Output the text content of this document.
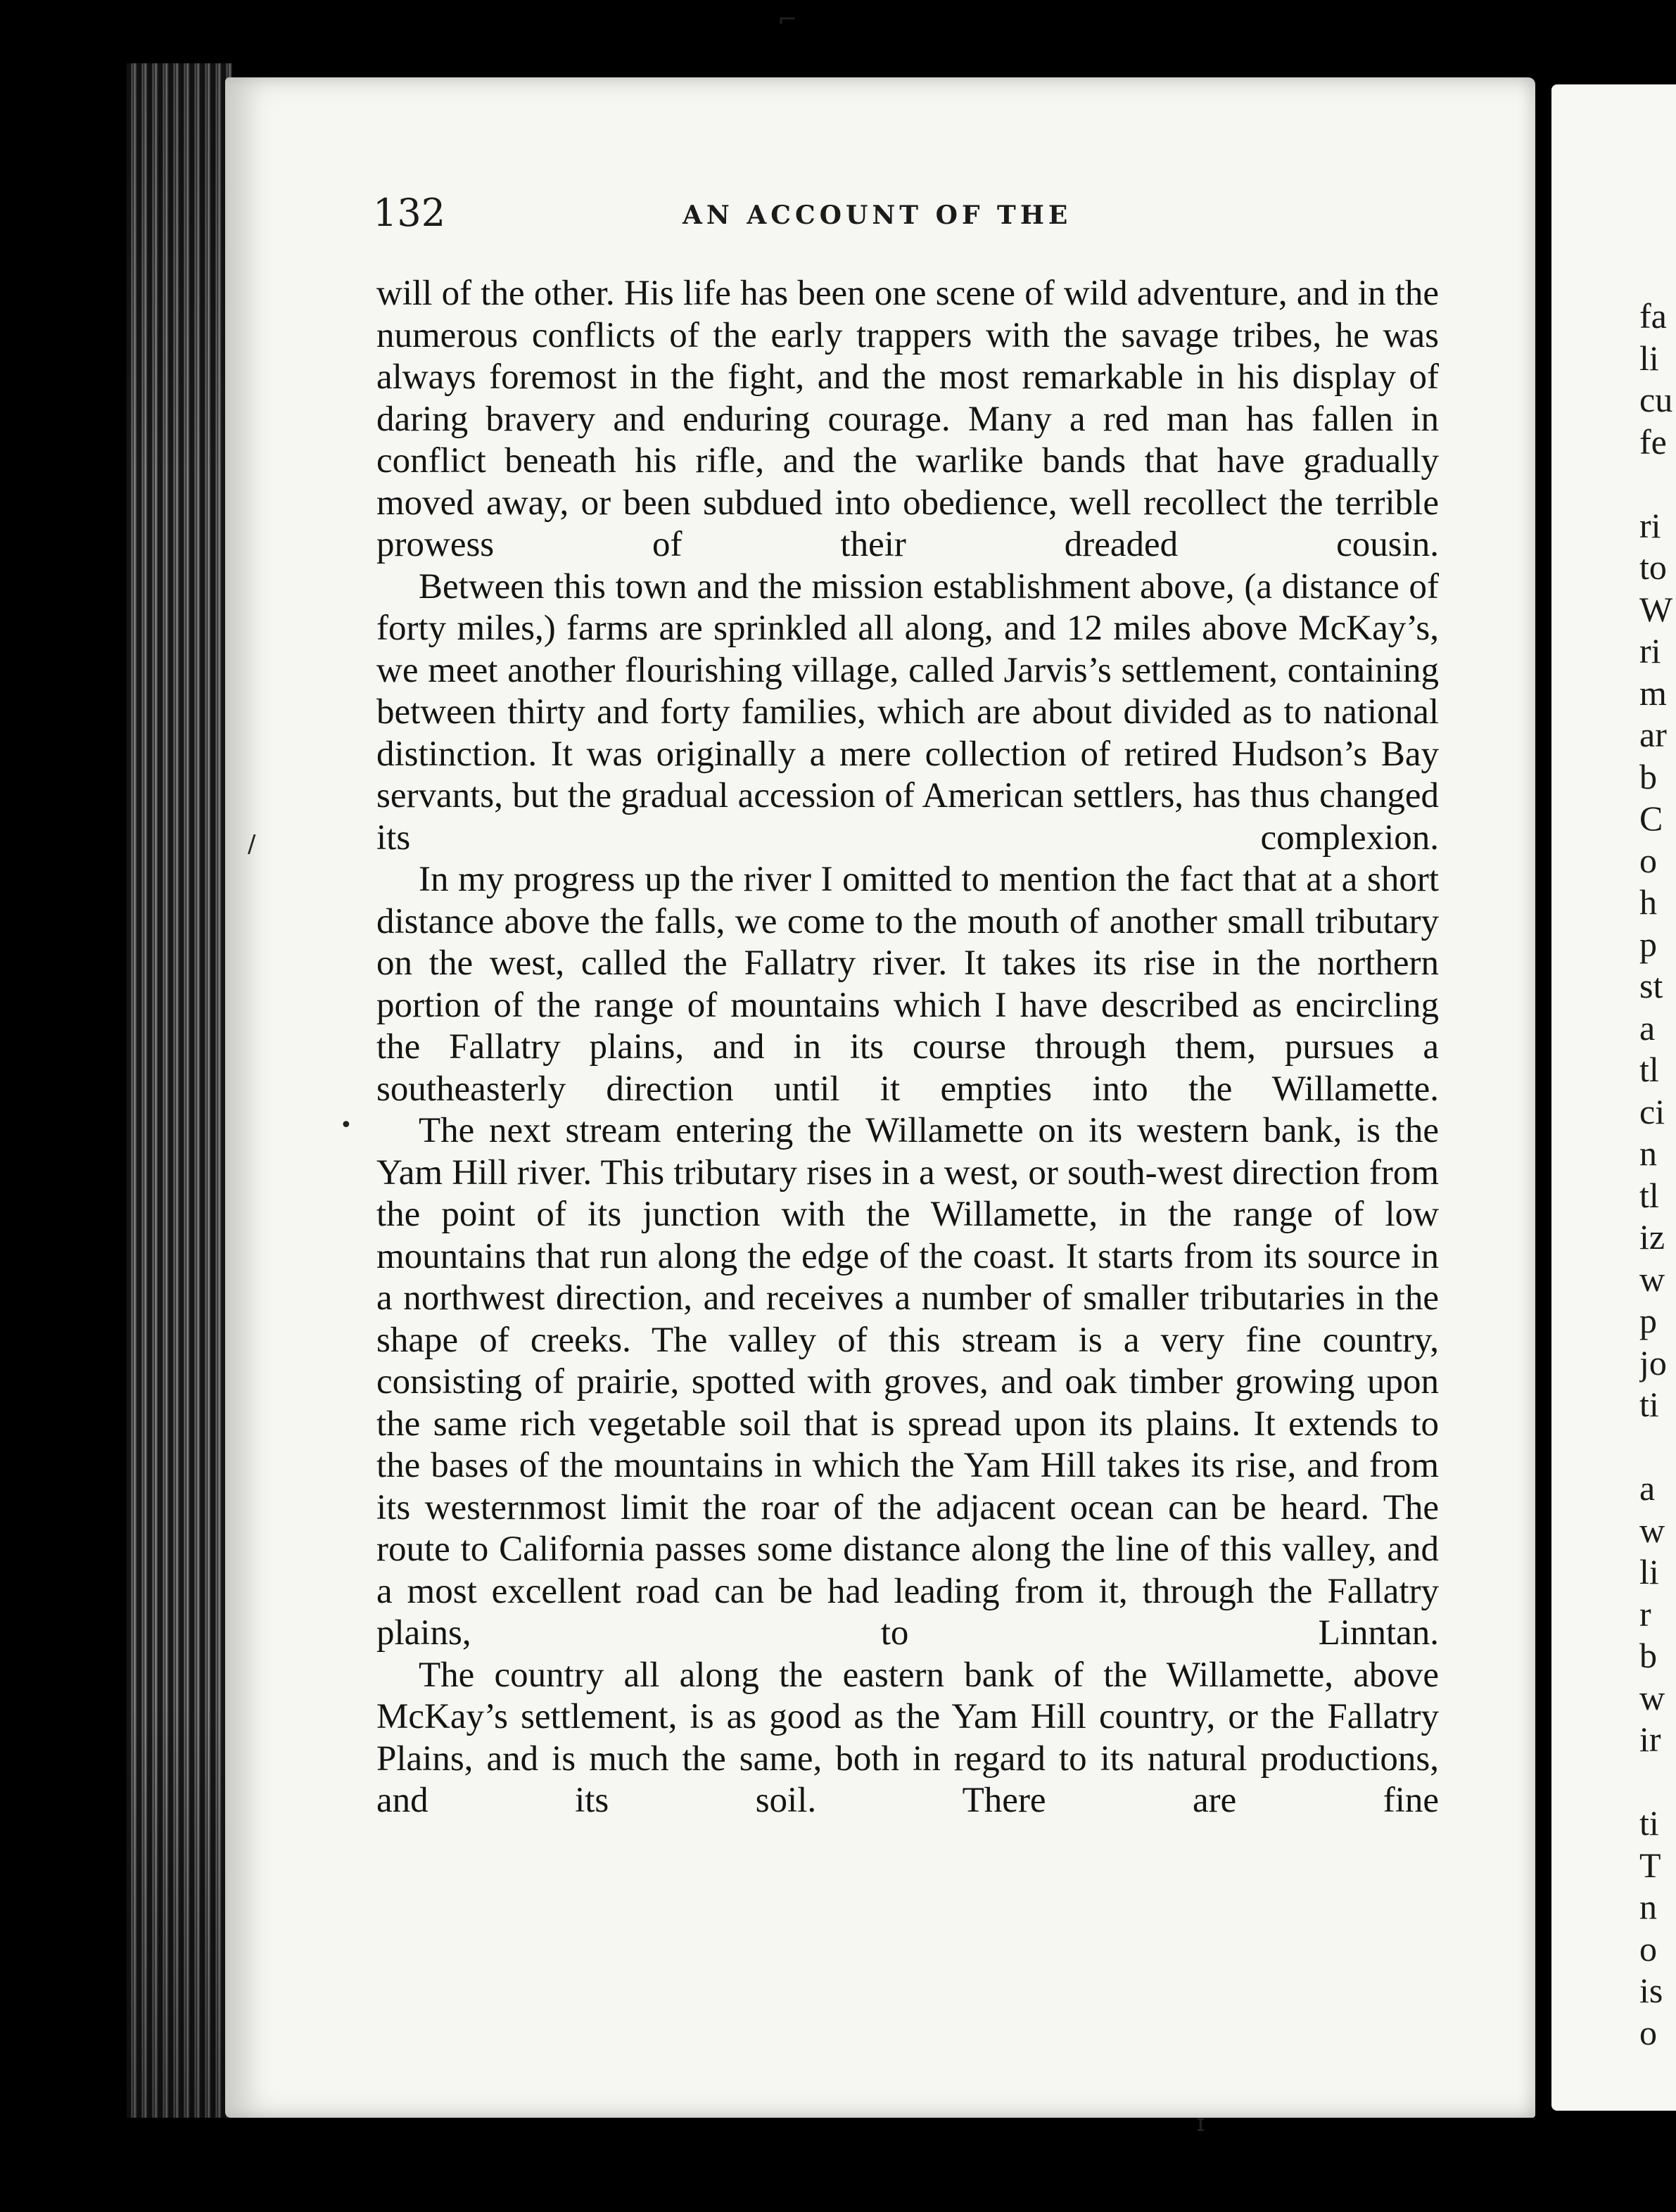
132	AN ACCOUNT OF THE

will of the other. His life has been one scene of wild adventure, and in the numerous conflicts of the early trappers with the savage tribes, he was always foremost in the fight, and the most remarkable in his display of daring bravery and enduring courage. Many a red man has fallen in conflict beneath his rifle, and the warlike bands that have gradually moved away, or been subdued into obedience, well recollect the terrible prowess of their dreaded cousin.

Between this town and the mission establishment above, (a distance of forty miles,) farms are sprinkled all along, and 12 miles above McKay’s, we meet another flourishing village, called Jarvis’s settlement, containing between thirty and forty families, which are about divided as to national distinction. It was originally a mere collection of retired Hudson’s Bay servants, but the gradual accession of American settlers, has thus changed its complexion.

In my progress up the river I omitted to mention the fact that at a short distance above the falls, we come to the mouth of another small tributary on the west, called the Fallatry river. It takes its rise in the northern portion of the range of mountains which I have described as encircling the Fallatry plains, and in its course through them, pursues a southeasterly direction until it empties into the Willamette.

The next stream entering the Willamette on its western bank, is the Yam Hill river. This tributary rises in a west, or south-west direction from the point of its junction with the Willamette, in the range of low mountains that run along the edge of the coast. It starts from its source in a northwest direction, and receives a number of smaller tributaries in the shape of creeks. The valley of this stream is a very fine country, consisting of prairie, spotted with groves, and oak timber growing upon the same rich vegetable soil that is spread upon its plains. It extends to the bases of the mountains in which the Yam Hill takes its rise, and from its westernmost limit the roar of the adjacent ocean can be heard. The route to California passes some distance along the line of this valley, and a most excellent road can be had leading from it, through the Fallatry plains, to Linntan.

The country all along the eastern bank of the Willamette, above McKay’s settlement, is as good as the Yam Hill country, or the Fallatry Plains, and is much the same, both in regard to its natural productions, and its soil. There are fine

fa
li
cu
fe
ri
to
W
ri
m
ar
b
C
o
h
p
st
a
tl
ci
n
tl
iz
w
p
jo
ti
a
w
li
r
b
w
ir
ti
T
n
o
is
o
⌐
/
•
ɪ
